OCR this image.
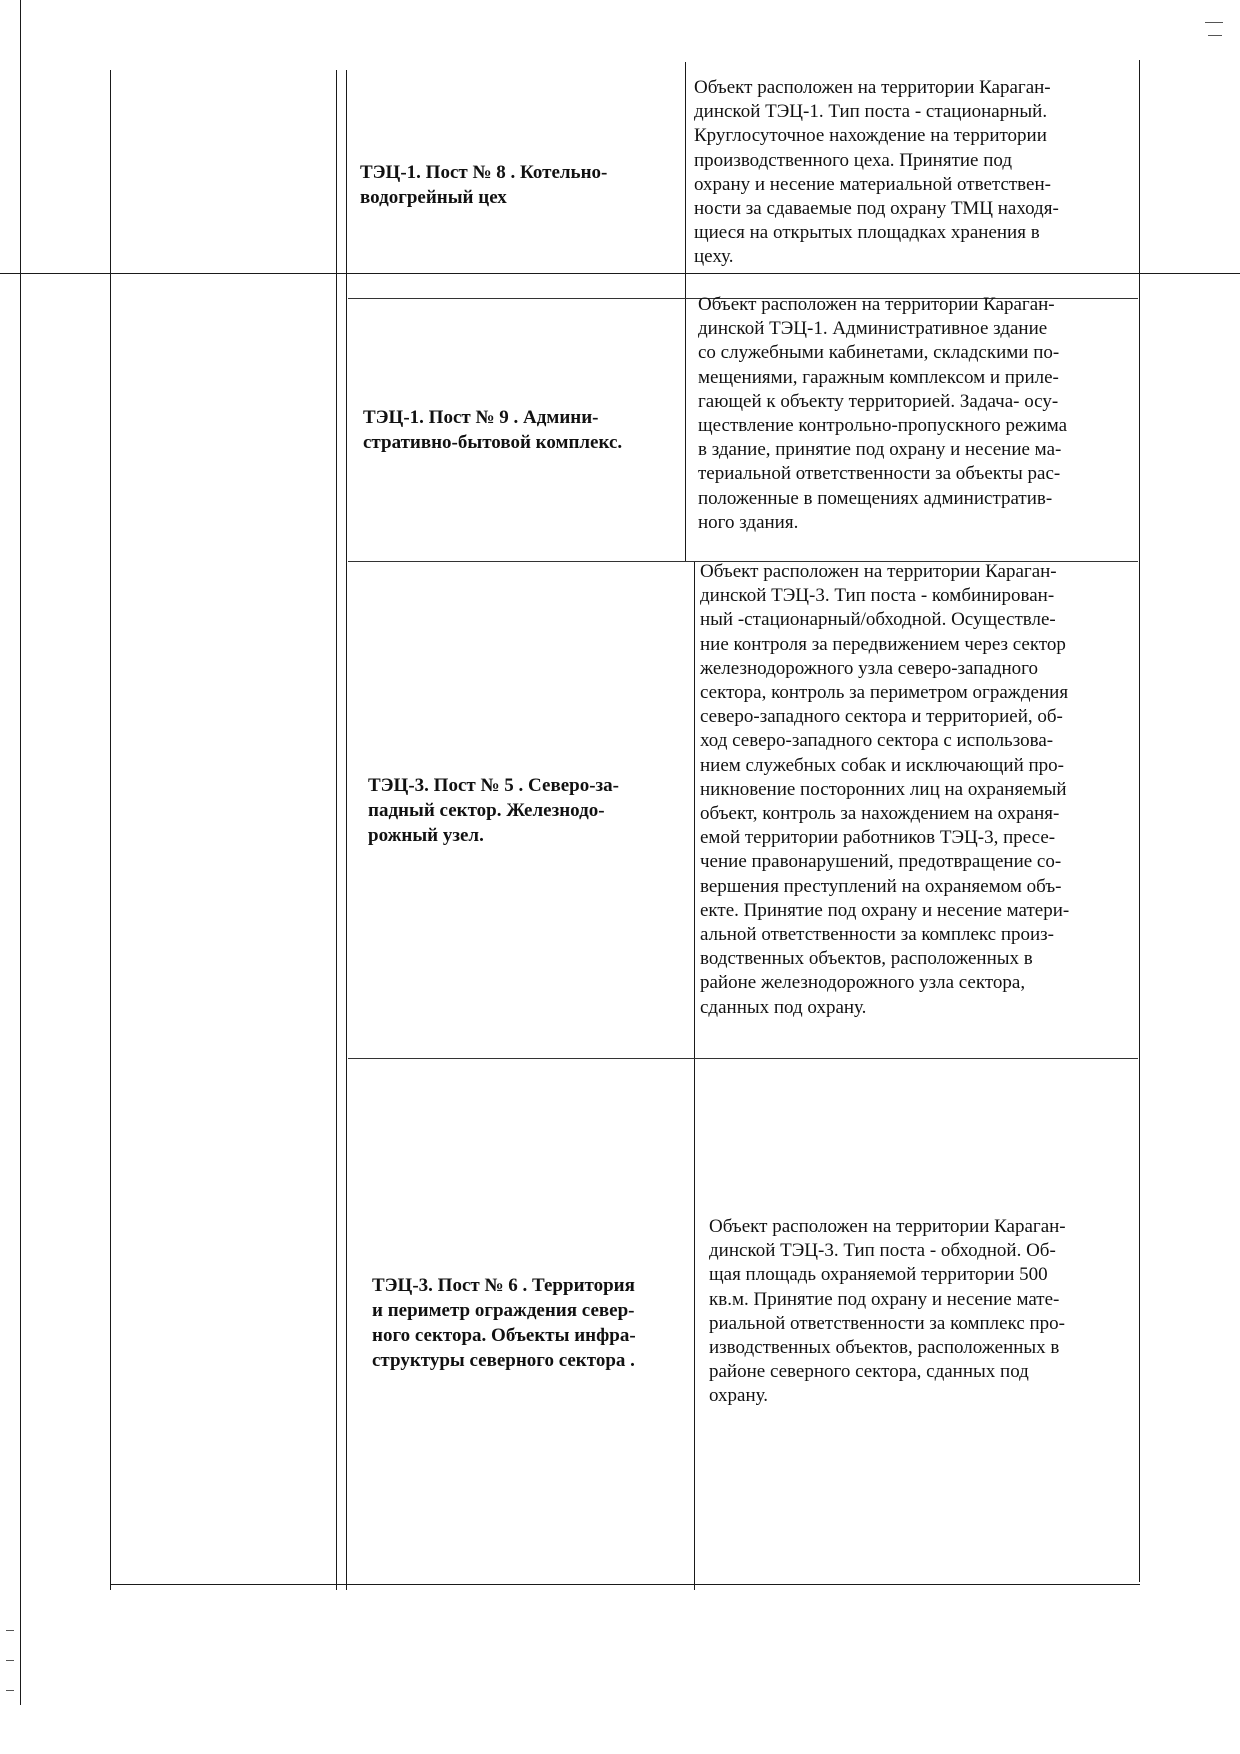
ТЭЦ-1. Пост № 8 . Котельно-
водогрейный цех
Объект расположен на территории Караган-
динской ТЭЦ-1. Тип поста - стационарный.
Круглосуточное нахождение на территории
производственного цеха. Принятие под
охрану и несение материальной ответствен-
ности за сдаваемые под охрану ТМЦ находя-
щиеся на открытых площадках хранения в
цеху.
ТЭЦ-1. Пост № 9 . Админи-
стративно-бытовой комплекс.
Объект расположен на территории Караган-
динской ТЭЦ-1. Административное здание
со служебными кабинетами, складскими по-
мещениями, гаражным комплексом и приле-
гающей к объекту территорией. Задача- осу-
ществление контрольно-пропускного режима
в здание, принятие под охрану и несение ма-
териальной ответственности за объекты рас-
положенные в помещениях административ-
ного здания.
ТЭЦ-3. Пост № 5 . Северо-за-
падный сектор. Железнодо-
рожный узел.
Объект расположен на территории Караган-
динской ТЭЦ-3. Тип поста - комбинирован-
ный -стационарный/обходной. Осуществле-
ние контроля за передвижением через сектор
железнодорожного узла северо-западного
сектора, контроль за периметром ограждения
северо-западного сектора и территорией, об-
ход северо-западного сектора с использова-
нием служебных собак и исключающий про-
никновение посторонних лиц на охраняемый
объект, контроль за нахождением на охраня-
емой территории работников ТЭЦ-3, пресе-
чение правонарушений, предотвращение со-
вершения преступлений на охраняемом объ-
екте. Принятие под охрану и несение матери-
альной ответственности за комплекс произ-
водственных объектов, расположенных в
районе железнодорожного узла сектора,
сданных под охрану.
ТЭЦ-3. Пост № 6 . Территория
и периметр ограждения север-
ного сектора. Объекты инфра-
структуры северного сектора .
Объект расположен на территории Караган-
динской ТЭЦ-3. Тип поста - обходной. Об-
щая площадь охраняемой территории 500
кв.м. Принятие под охрану и несение мате-
риальной ответственности за комплекс про-
изводственных объектов, расположенных в
районе северного сектора, сданных под
охрану.
